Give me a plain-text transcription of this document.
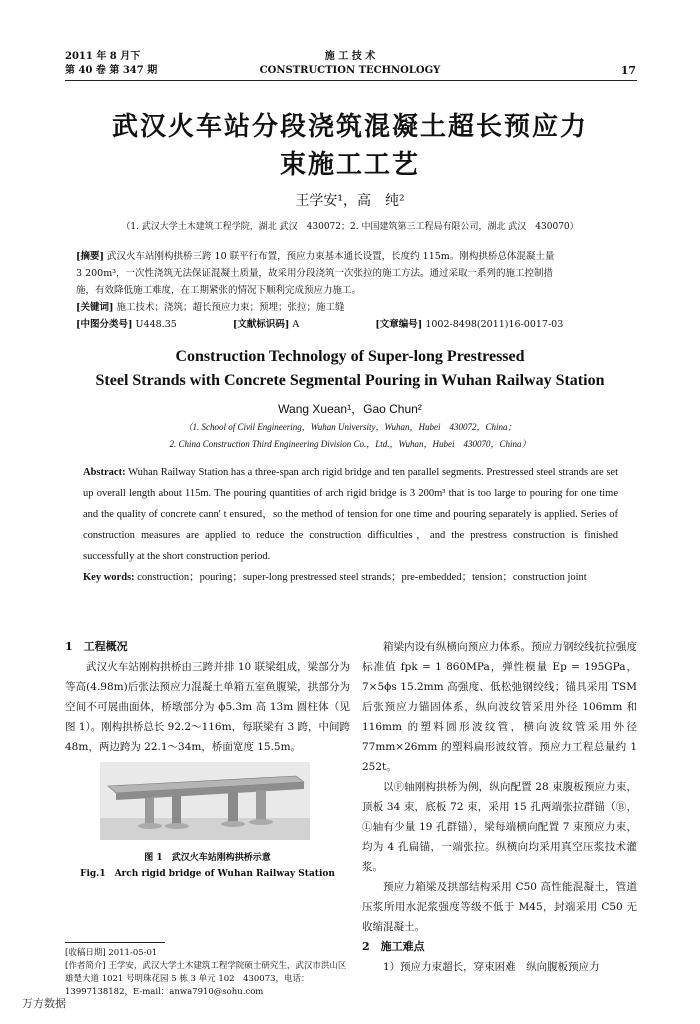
2011 年 8 月下
第 40 卷 第 347 期
施 工 技 术
CONSTRUCTION TECHNOLOGY	17
武汉火车站分段浇筑混凝土超长预应力
束施工工艺
王学安¹，高　纯²
（1. 武汉大学土木建筑工程学院，湖北 武汉　430072；2. 中国建筑第三工程局有限公司，湖北 武汉　430070）
[摘要] 武汉火车站刚构拱桥三跨 10 联平行布置，预应力束基本通长设置，长度约 115m。刚构拱桥总体混凝土量
3 200m³，一次性浇筑无法保证混凝土质量，故采用分段浇筑一次张拉的施工方法。通过采取一系列的施工控制措
施，有效降低施工难度，在工期紧张的情况下顺利完成预应力施工。
[关键词] 施工技术；浇筑；超长预应力束；预埋；张拉；施工缝
[中图分类号] U448.35	[文献标识码] A	[文章编号] 1002-8498(2011)16-0017-03
Construction Technology of Super-long Prestressed
Steel Strands with Concrete Segmental Pouring in Wuhan Railway Station
Wang Xuean¹，Gao Chun²
（1. School of Civil Engineering，Wuhan University，Wuhan，Hubei　430072，China；
2. China Construction Third Engineering Division Co.，Ltd.，Wuhan，Hubei　430070，China）
Abstract: Wuhan Railway Station has a three-span arch rigid bridge and ten parallel segments. Prestressed steel strands are set up overall length about 115m. The pouring quantities of arch rigid bridge is 3 200m³ that is too large to pouring for one time and the quality of concrete cann' t ensured，so the method of tension for one time and pouring separately is applied. Series of construction measures are applied to reduce the construction difficulties，and the prestress construction is finished successfully at the short construction period.
Key words: construction；pouring；super-long prestressed steel strands；pre-embedded；tension；construction joint
1　工程概况
武汉火车站刚构拱桥由三跨并排 10 联梁组成，梁部分为等高(4.98m)后张法预应力混凝土单箱五室鱼腹梁，拱部分为空间不可展曲面体，桥墩部分为 ϕ5.3m 高 13m 圆柱体（见图 1）。刚构拱桥总长 92.2～116m，每联梁有 3 跨，中间跨 48m，两边跨为 22.1～34m，桥面宽度 15.5m。
图 1　武汉火车站刚构拱桥示意
Fig.1　Arch rigid bridge of Wuhan Railway Station
[收稿日期] 2011-05-01
[作者简介] 王学安，武汉大学土木建筑工程学院硕士研究生，武汉市洪山区雄楚大道 1021 号明珠花园 5 栋 3 单元 102　430073，电话：13997138182，E-mail：anwa7910@sohu.com
箱梁内设有纵横向预应力体系。预应力钢绞线抗拉强度标准值 fpk = 1 860MPa，弹性模量 Ep = 195GPa，7×5ϕs 15.2mm 高强度、低松弛钢绞线；锚具采用 TSM 后张预应力锚固体系，纵向波纹管采用外径 106mm 和 116mm 的塑料圆形波纹管，横向波纹管采用外径 77mm×26mm 的塑料扁形波纹管。预应力工程总量约 1 252t。
以Ⓕ轴刚构拱桥为例，纵向配置 28 束腹板预应力束，顶板 34 束，底板 72 束，采用 15 孔两端张拉群锚（Ⓑ，Ⓛ轴有少量 19 孔群锚），梁每端横向配置 7 束预应力束，均为 4 孔扁锚，一端张拉。纵横向均采用真空压浆技术灌浆。
预应力箱梁及拱部结构采用 C50 高性能混凝土，管道压浆所用水泥浆强度等级不低于 M45，封端采用 C50 无收缩混凝土。
2　施工难点
1）预应力束超长，穿束困难　纵向腹板预应力
万方数据
